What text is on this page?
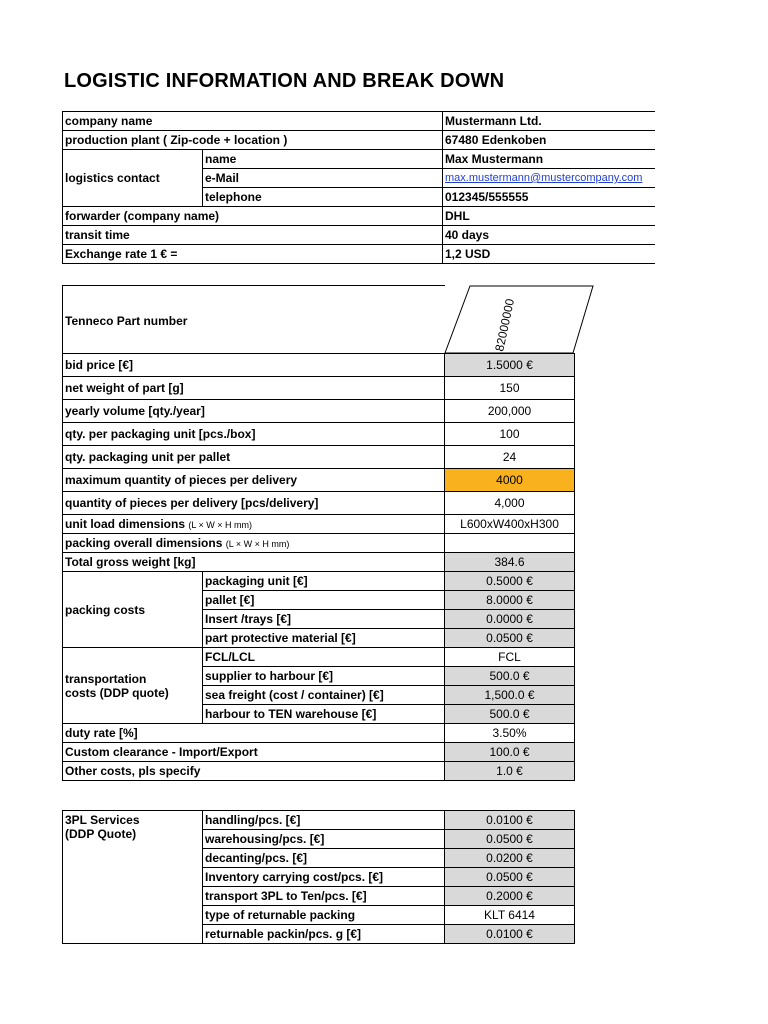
LOGISTIC INFORMATION AND BREAK DOWN
company name		Mustermann Ltd.
production plant ( Zip-code + location )		67480 Edenkoben
logistics contact	name	Max Mustermann
	e-Mail	max.mustermann@mustercompany.com
	telephone	012345/555555
forwarder (company name)		DHL
transit time		40 days
Exchange rate 1 € =		1,2 USD
Tenneco Part number	82000000
bid price [€]		1.5000 €
net weight of part [g]		150
yearly volume [qty./year]		200,000
qty. per packaging unit [pcs./box]		100
qty. packaging unit per pallet		24
maximum quantity of pieces per delivery		4000
quantity of pieces per delivery [pcs/delivery]		4,000
unit load dimensions (L × W × H mm)		L600xW400xH300
packing overall dimensions (L × W × H mm)		
Total gross weight [kg]		384.6
packing costs	packaging unit [€]	0.5000 €
	pallet [€]	8.0000 €
	Insert /trays [€]	0.0000 €
	part protective material [€]	0.0500 €

transportation
costs (DDP quote)	FCL/LCL	FCL
	supplier to harbour [€]	500.0 €
	sea freight (cost / container) [€]	1,500.0 €
	harbour to TEN warehouse [€]	500.0 €
duty rate [%]		3.50%
Custom clearance - Import/Export		100.0 €
Other costs, pls specify		1.0 €
3PL Services
(DDP Quote)	handling/pcs. [€]	0.0100 €
	warehousing/pcs. [€]	0.0500 €
	decanting/pcs. [€]	0.0200 €
	Inventory carrying cost/pcs. [€]	0.0500 €
	transport 3PL to Ten/pcs. [€]	0.2000 €
	type of returnable packing	KLT 6414
	returnable packin/pcs. g [€]	0.0100 €
